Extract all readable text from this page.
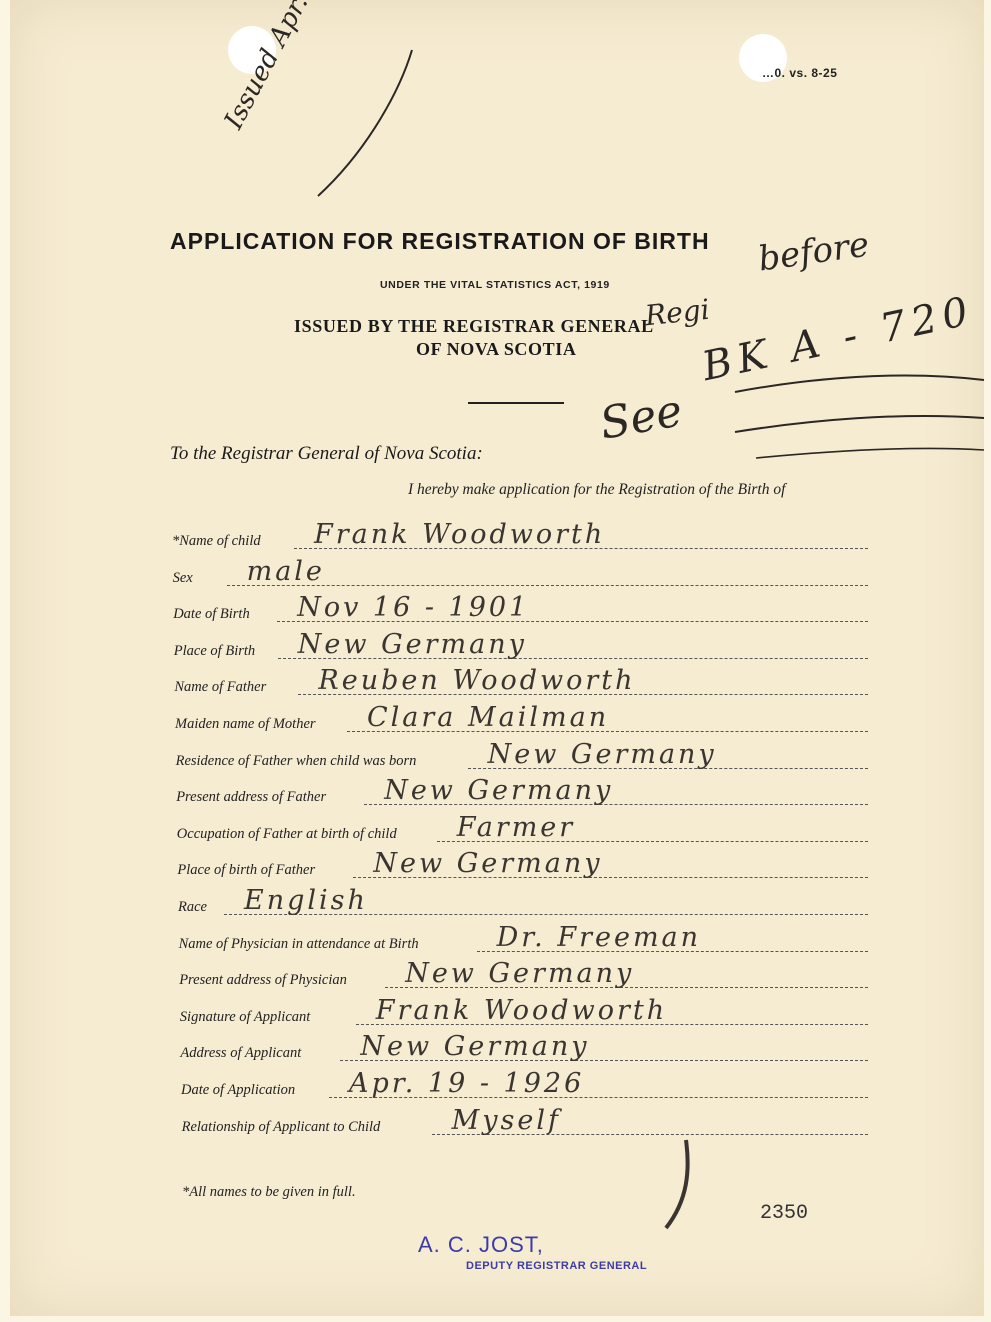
…0. vs. 8-25
APPLICATION FOR REGISTRATION OF BIRTH before
UNDER THE VITAL STATISTICS ACT, 1919
ISSUED BY THE REGISTRAR GENERAL
OF NOVA SCOTIA
Regi
BK A - 720
See
To the Registrar General of Nova Scotia:
I hereby make application for the Registration of the Birth of
*Name of child Frank Woodworth
Sex male
Date of Birth Nov 16 - 1901
Place of Birth New Germany
Name of Father Reuben Woodworth
Maiden name of Mother Clara Mailman
Residence of Father when child was born	New Germany
Present address of Father New Germany
Occupation of Father at birth of child Farmer
Place of birth of Father New Germany
Race English
Name of Physician in attendance at Birth	Dr. Freeman
Present address of Physician New Germany
Signature of Applicant Frank Woodworth
Address of Applicant New Germany
Date of Application Apr. 19 - 1926
Relationship of Applicant to Child	Myself
*All names to be given in full.
2350
A. C. JOST,
DEPUTY REGISTRAR GENERAL
